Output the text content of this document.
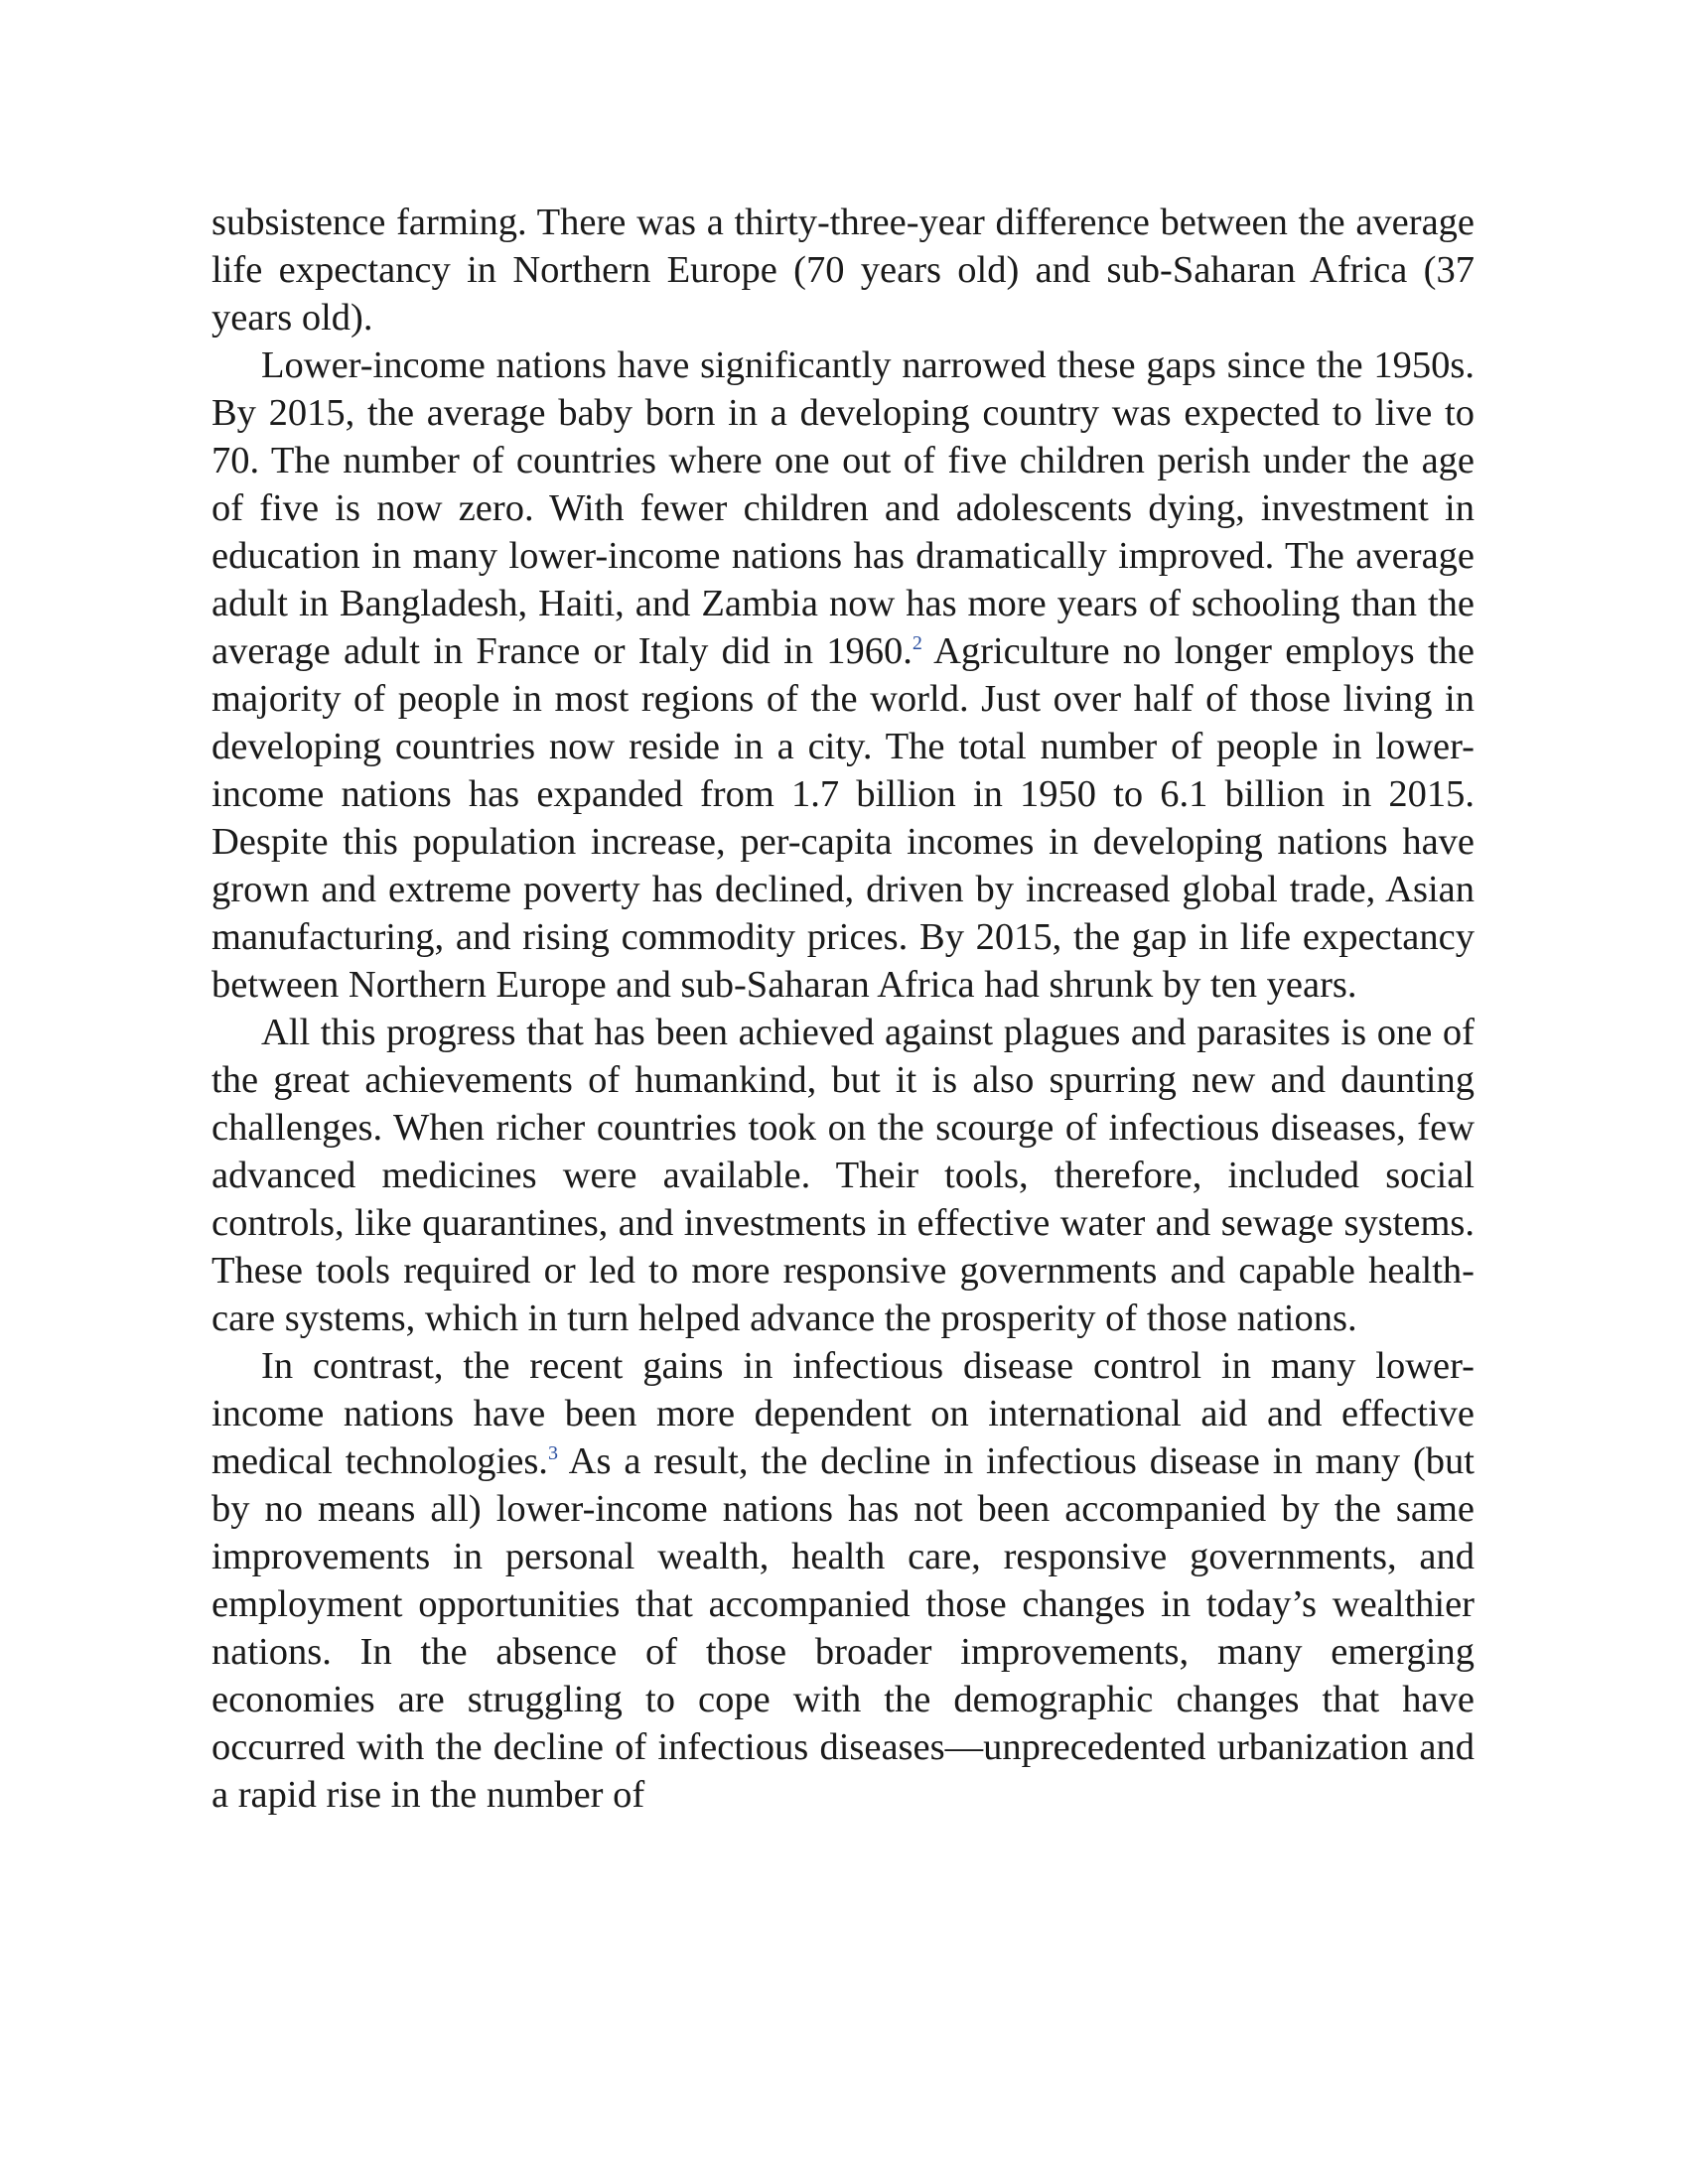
subsistence farming. There was a thirty-three-year difference between the average life expectancy in Northern Europe (70 years old) and sub-Saharan Africa (37 years old).

Lower-income nations have significantly narrowed these gaps since the 1950s. By 2015, the average baby born in a developing country was expected to live to 70. The number of countries where one out of five children perish under the age of five is now zero. With fewer children and adolescents dying, investment in education in many lower-income nations has dramatically improved. The average adult in Bangladesh, Haiti, and Zambia now has more years of schooling than the average adult in France or Italy did in 1960.$^2$ Agriculture no longer employs the majority of people in most regions of the world. Just over half of those living in developing countries now reside in a city. The total number of people in lower-income nations has expanded from 1.7 billion in 1950 to 6.1 billion in 2015. Despite this population increase, per-capita incomes in developing nations have grown and extreme poverty has declined, driven by increased global trade, Asian manufacturing, and rising commodity prices. By 2015, the gap in life expectancy between Northern Europe and sub-Saharan Africa had shrunk by ten years.

All this progress that has been achieved against plagues and parasites is one of the great achievements of humankind, but it is also spurring new and daunting challenges. When richer countries took on the scourge of infectious diseases, few advanced medicines were available. Their tools, therefore, included social controls, like quarantines, and investments in effective water and sewage systems. These tools required or led to more responsive governments and capable health-care systems, which in turn helped advance the prosperity of those nations.

In contrast, the recent gains in infectious disease control in many lower-income nations have been more dependent on international aid and effective medical technologies.$^3$ As a result, the decline in infectious disease in many (but by no means all) lower-income nations has not been accompanied by the same improvements in personal wealth, health care, responsive governments, and employment opportunities that accompanied those changes in today’s wealthier nations. In the absence of those broader improvements, many emerging economies are struggling to cope with the demographic changes that have occurred with the decline of infectious diseases—unprecedented urbanization and a rapid rise in the number of
